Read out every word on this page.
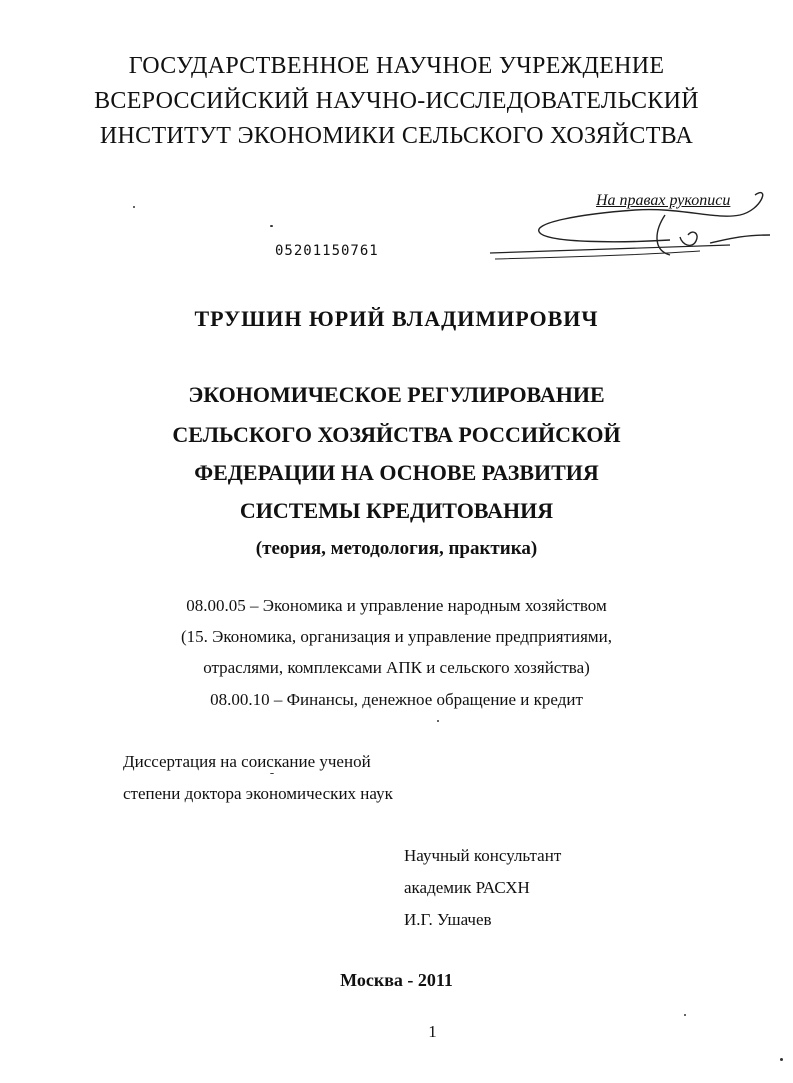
ГОСУДАРСТВЕННОЕ НАУЧНОЕ УЧРЕЖДЕНИЕ
ВСЕРОССИЙСКИЙ НАУЧНО-ИССЛЕДОВАТЕЛЬСКИЙ
ИНСТИТУТ ЭКОНОМИКИ СЕЛЬСКОГО ХОЗЯЙСТВА
На правах рукописи
05201150761
ТРУШИН ЮРИЙ ВЛАДИМИРОВИЧ
ЭКОНОМИЧЕСКОЕ РЕГУЛИРОВАНИЕ
СЕЛЬСКОГО ХОЗЯЙСТВА РОССИЙСКОЙ
ФЕДЕРАЦИИ НА ОСНОВЕ РАЗВИТИЯ
СИСТЕМЫ КРЕДИТОВАНИЯ
(теория, методология, практика)
08.00.05 – Экономика и управление народным хозяйством
(15. Экономика, организация и управление предприятиями,
отраслями, комплексами АПК и сельского хозяйства)
08.00.10 – Финансы, денежное обращение и кредит
Диссертация на соискание ученой
степени доктора экономических наук
Научный консультант
академик РАСХН
И.Г. Ушачев
Москва - 2011
1
